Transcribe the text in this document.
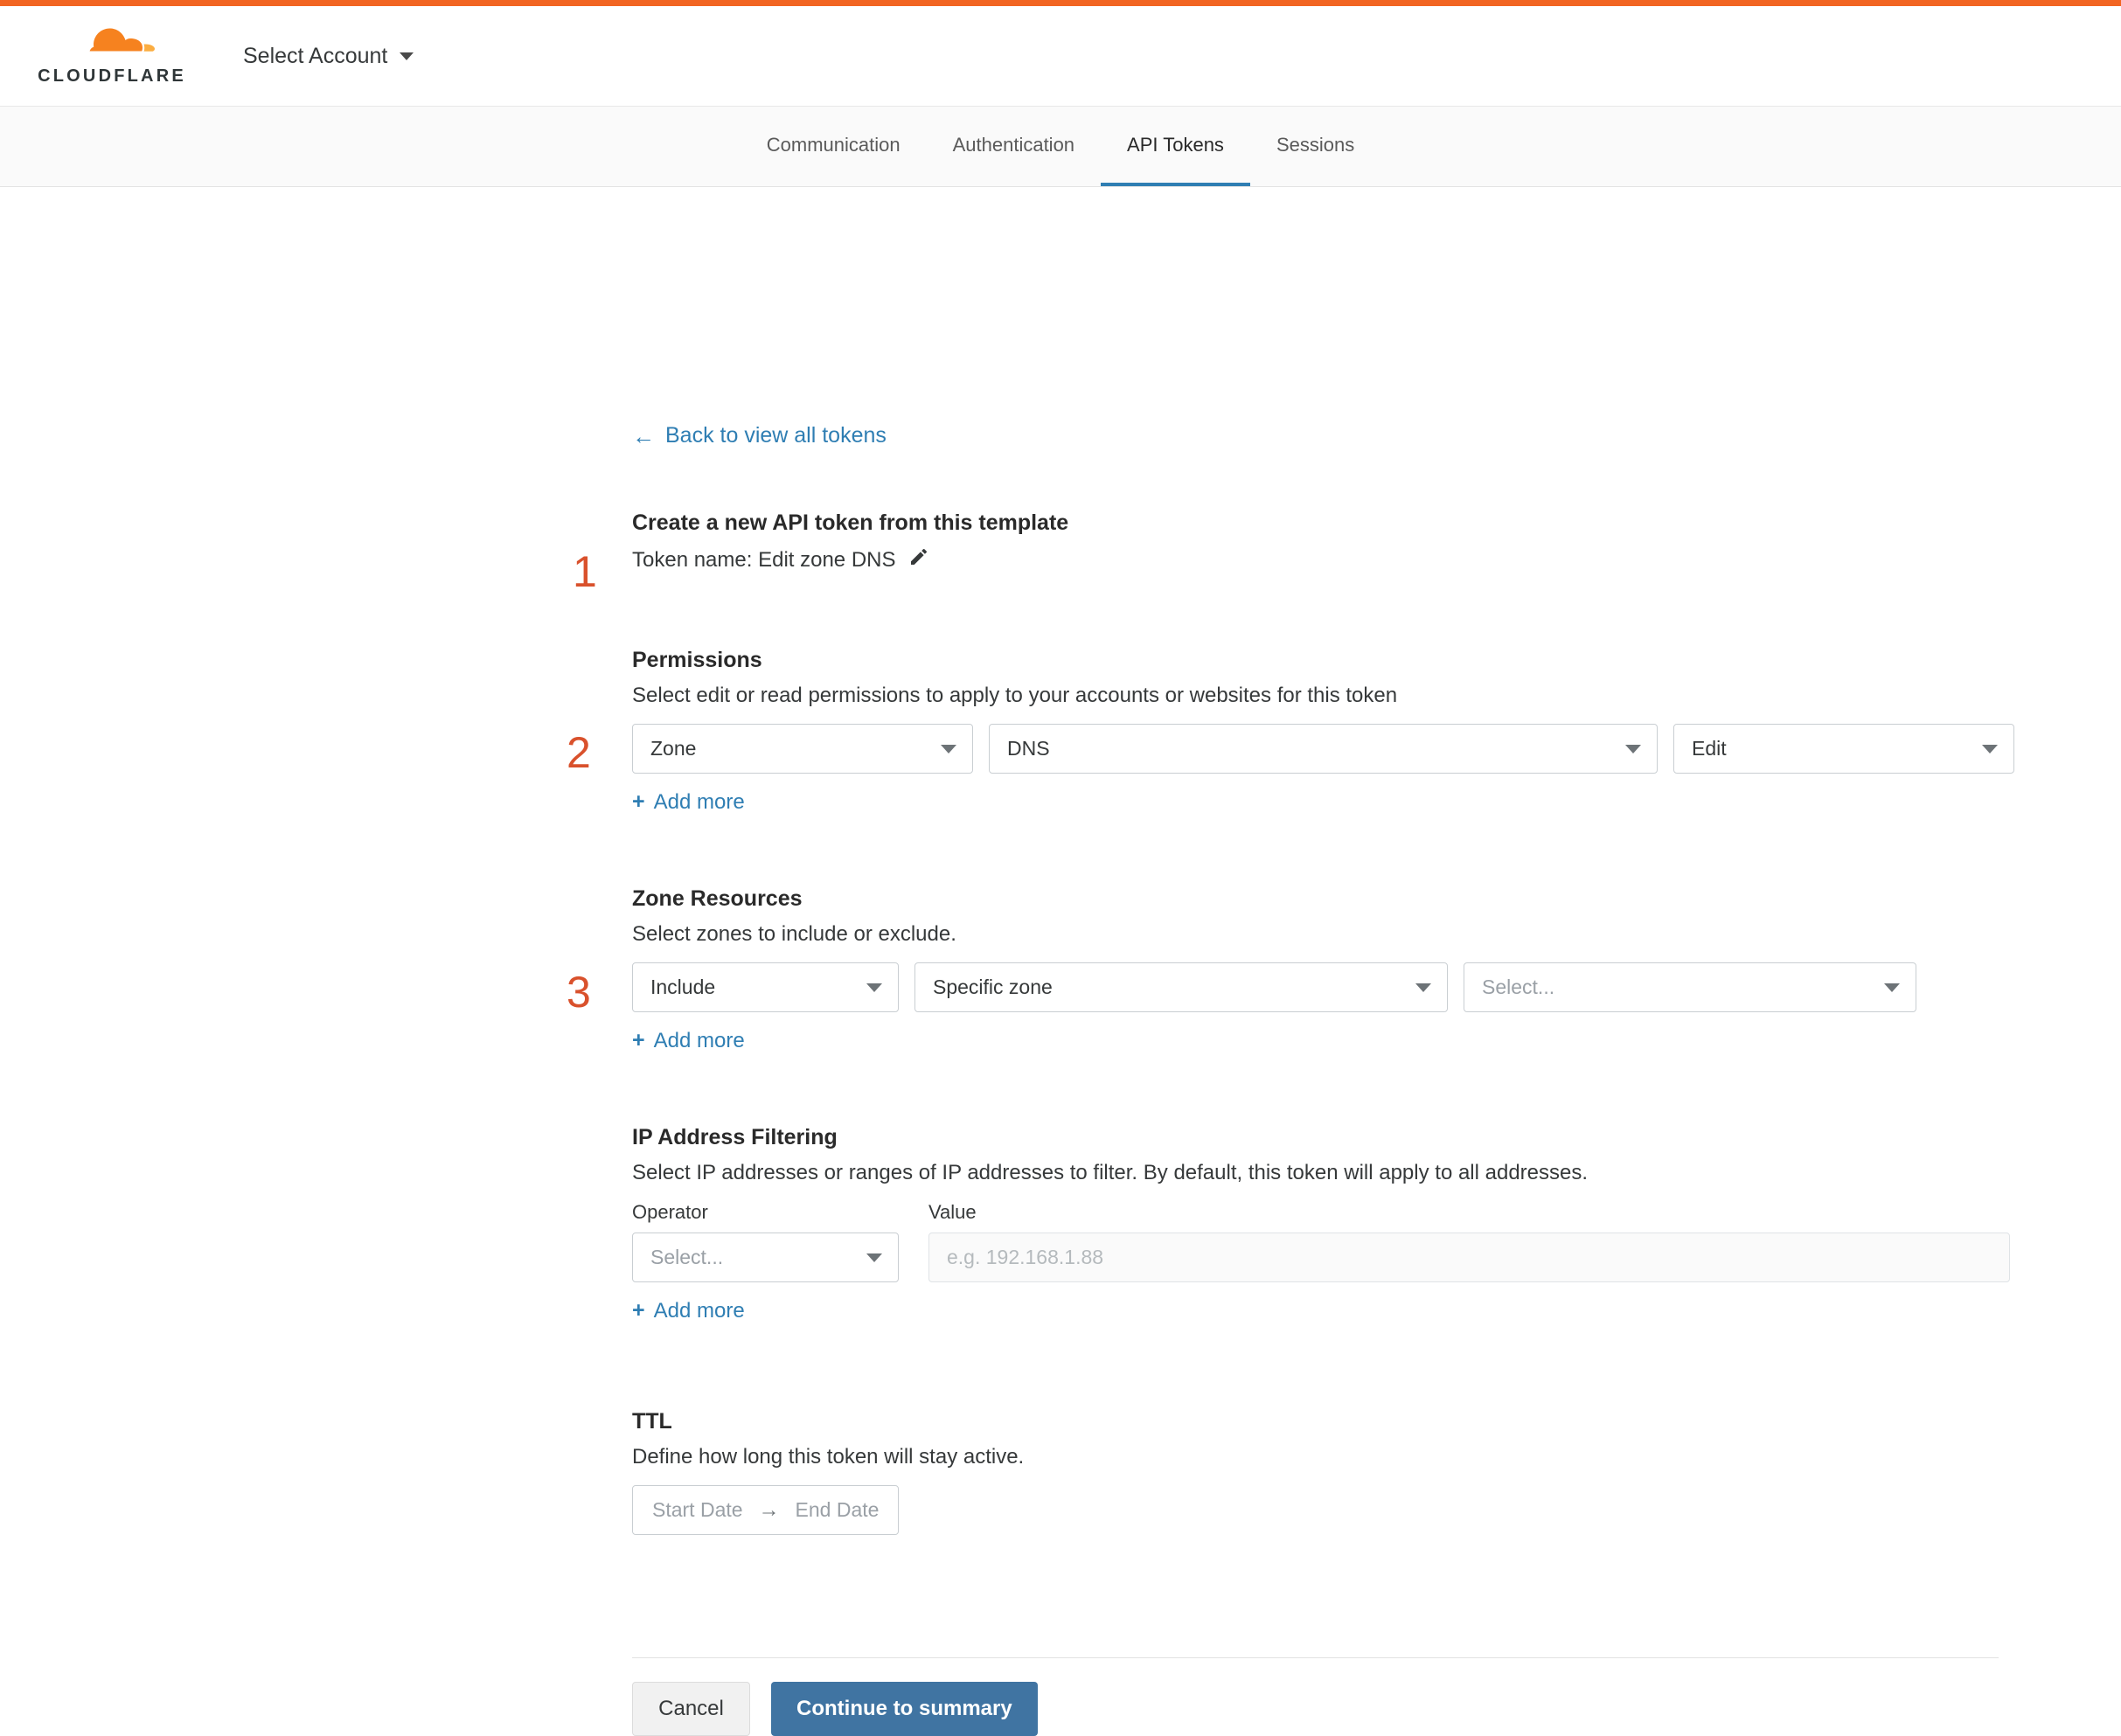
CLOUDFLARE
Select Account
Communication	Authentication	API Tokens	Sessions
← Back to view all tokens
1
Create a new API token from this template
Token name: Edit zone DNS
2
Permissions

Select edit or read permissions to apply to your accounts or websites for this token

Zone	DNS	Edit
+ Add more
3
Zone Resources

Select zones to include or exclude.

Include	Specific zone	Select...
+ Add more
IP Address Filtering

Select IP addresses or ranges of IP addresses to filter. By default, this token will apply to all addresses.

Operator
Select...
Value
e.g. 192.168.1.88
+ Add more
TTL

Define how long this token will stay active.

Start Date → End Date
Cancel	Continue to summary
